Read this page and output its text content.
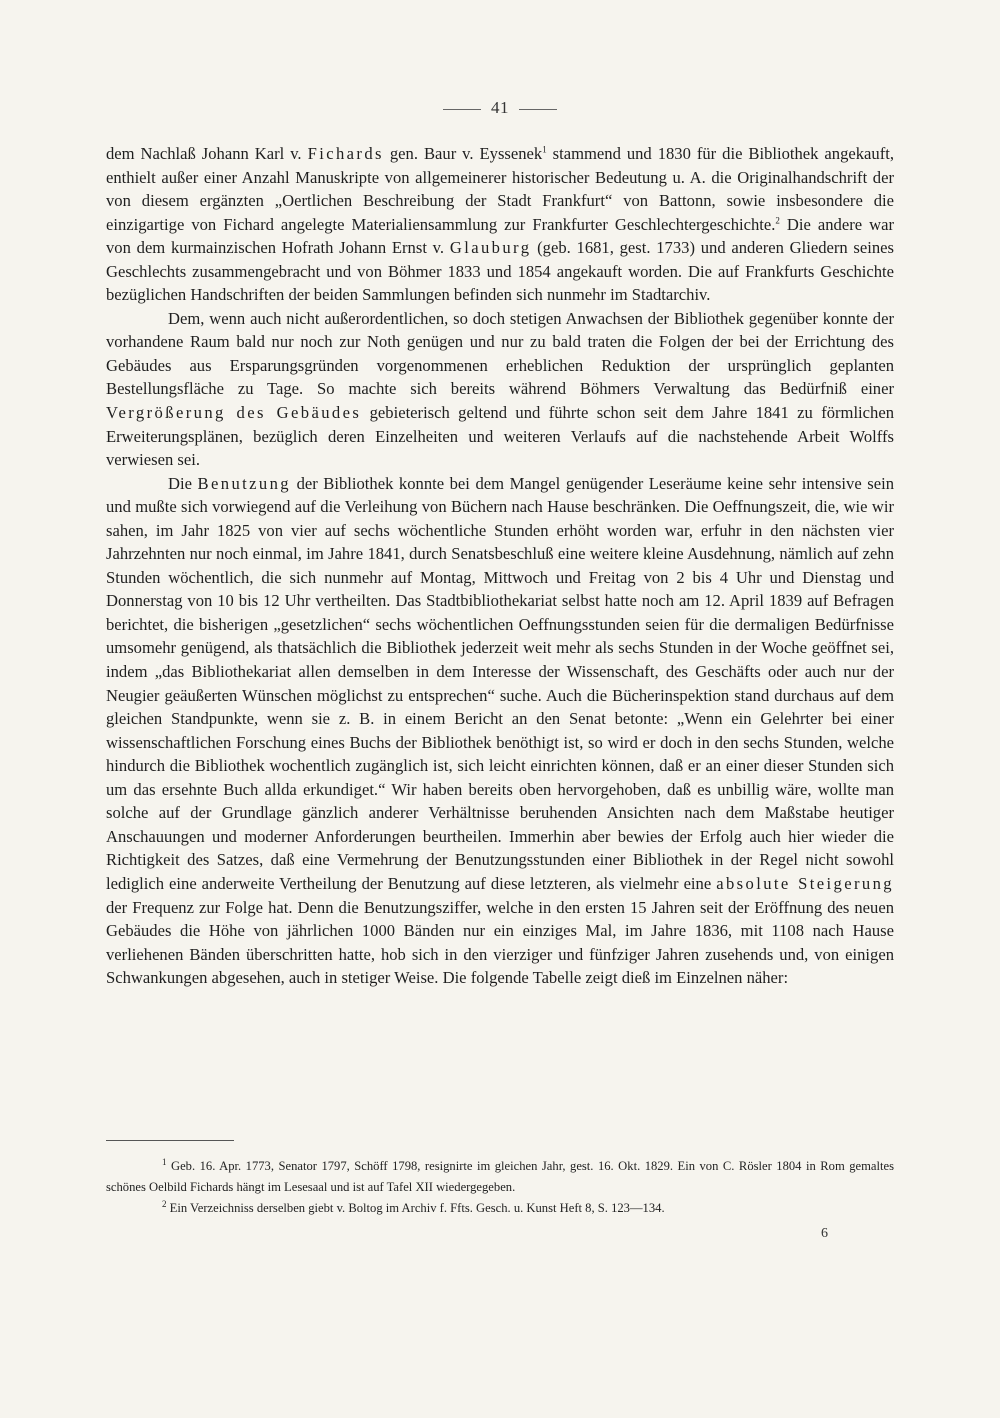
41

dem Nachlaß Johann Karl v. Fichards gen. Baur v. Eyssenek$^1$ stammend und 1830 für die Bibliothek angekauft, enthielt außer einer Anzahl Manuskripte von allgemeinerer historischer Bedeutung u. A. die Originalhandschrift der von diesem ergänzten „Oertlichen Beschreibung der Stadt Frankfurt“ von Battonn, sowie insbesondere die einzigartige von Fichard angelegte Materialiensammlung zur Frankfurter Geschlechtergeschichte.$^2$ Die andere war von dem kurmainzischen Hofrath Johann Ernst v. Glauburg (geb. 1681, gest. 1733) und anderen Gliedern seines Geschlechts zusammengebracht und von Böhmer 1833 und 1854 angekauft worden. Die auf Frankfurts Geschichte bezüglichen Handschriften der beiden Sammlungen befinden sich nunmehr im Stadtarchiv.

Dem, wenn auch nicht außerordentlichen, so doch stetigen Anwachsen der Bibliothek gegenüber konnte der vorhandene Raum bald nur noch zur Noth genügen und nur zu bald traten die Folgen der bei der Errichtung des Gebäudes aus Ersparungsgründen vorgenommenen erheblichen Reduktion der ursprünglich geplanten Bestellungsfläche zu Tage. So machte sich bereits während Böhmers Verwaltung das Bedürfniß einer Vergrößerung des Gebäudes gebieterisch geltend und führte schon seit dem Jahre 1841 zu förmlichen Erweiterungsplänen, bezüglich deren Einzelheiten und weiteren Verlaufs auf die nachstehende Arbeit Wolffs verwiesen sei.

Die Benutzung der Bibliothek konnte bei dem Mangel genügender Leseräume keine sehr intensive sein und mußte sich vorwiegend auf die Verleihung von Büchern nach Hause beschränken. Die Oeffnungszeit, die, wie wir sahen, im Jahr 1825 von vier auf sechs wöchentliche Stunden erhöht worden war, erfuhr in den nächsten vier Jahrzehnten nur noch einmal, im Jahre 1841, durch Senatsbeschluß eine weitere kleine Ausdehnung, nämlich auf zehn Stunden wöchentlich, die sich nunmehr auf Montag, Mittwoch und Freitag von 2 bis 4 Uhr und Dienstag und Donnerstag von 10 bis 12 Uhr vertheilten. Das Stadtbibliothekariat selbst hatte noch am 12. April 1839 auf Befragen berichtet, die bisherigen „gesetzlichen“ sechs wöchentlichen Oeffnungsstunden seien für die dermaligen Bedürfnisse umsomehr genügend, als thatsächlich die Bibliothek jederzeit weit mehr als sechs Stunden in der Woche geöffnet sei, indem „das Bibliothekariat allen demselben in dem Interesse der Wissenschaft, des Geschäfts oder auch nur der Neugier geäußerten Wünschen möglichst zu entsprechen“ suche. Auch die Bücherinspektion stand durchaus auf dem gleichen Standpunkte, wenn sie z. B. in einem Bericht an den Senat betonte: „Wenn ein Gelehrter bei einer wissenschaftlichen Forschung eines Buchs der Bibliothek benöthigt ist, so wird er doch in den sechs Stunden, welche hindurch die Bibliothek wochentlich zugänglich ist, sich leicht einrichten können, daß er an einer dieser Stunden sich um das ersehnte Buch allda erkundiget.“ Wir haben bereits oben hervorgehoben, daß es unbillig wäre, wollte man solche auf der Grundlage gänzlich anderer Verhältnisse beruhenden Ansichten nach dem Maßstabe heutiger Anschauungen und moderner Anforderungen beurtheilen. Immerhin aber bewies der Erfolg auch hier wieder die Richtigkeit des Satzes, daß eine Vermehrung der Benutzungsstunden einer Bibliothek in der Regel nicht sowohl lediglich eine anderweite Vertheilung der Benutzung auf diese letzteren, als vielmehr eine absolute Steigerung der Frequenz zur Folge hat. Denn die Benutzungsziffer, welche in den ersten 15 Jahren seit der Eröffnung des neuen Gebäudes die Höhe von jährlichen 1000 Bänden nur ein einziges Mal, im Jahre 1836, mit 1108 nach Hause verliehenen Bänden überschritten hatte, hob sich in den vierziger und fünfziger Jahren zusehends und, von einigen Schwankungen abgesehen, auch in stetiger Weise. Die folgende Tabelle zeigt dieß im Einzelnen näher:

$^1$ Geb. 16. Apr. 1773, Senator 1797, Schöff 1798, resignirte im gleichen Jahr, gest. 16. Okt. 1829. Ein von C. Rösler 1804 in Rom gemaltes schönes Oelbild Fichards hängt im Lesesaal und ist auf Tafel XII wiedergegeben.

$^2$ Ein Verzeichniss derselben giebt v. Boltog im Archiv f. Ffts. Gesch. u. Kunst Heft 8, S. 123—134.

6
